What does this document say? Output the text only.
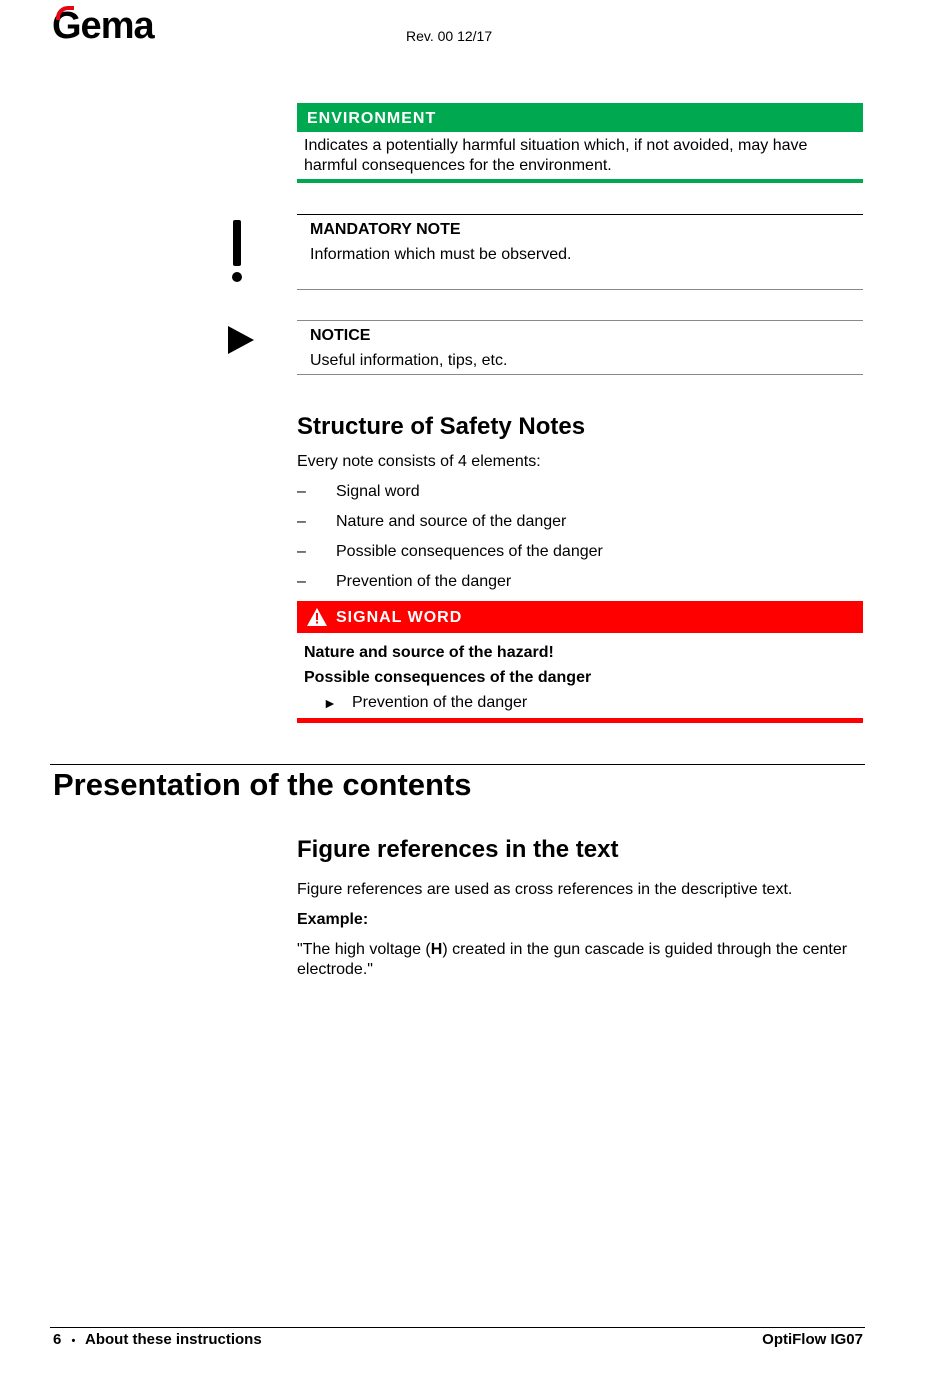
Gema	Rev. 00 12/17
ENVIRONMENT
Indicates a potentially harmful situation which, if not avoided, may have harmful consequences for the environment.
MANDATORY NOTE
Information which must be observed.
NOTICE
Useful information, tips, etc.
Structure of Safety Notes
Every note consists of 4 elements:
– Signal word
– Nature and source of the danger
– Possible consequences of the danger
– Prevention of the danger
SIGNAL WORD
Nature and source of the hazard!
Possible consequences of the danger
► Prevention of the danger
Presentation of the contents
Figure references in the text
Figure references are used as cross references in the descriptive text.
Example:
"The high voltage (H) created in the gun cascade is guided through the center electrode."
6 • About these instructions	OptiFlow IG07
